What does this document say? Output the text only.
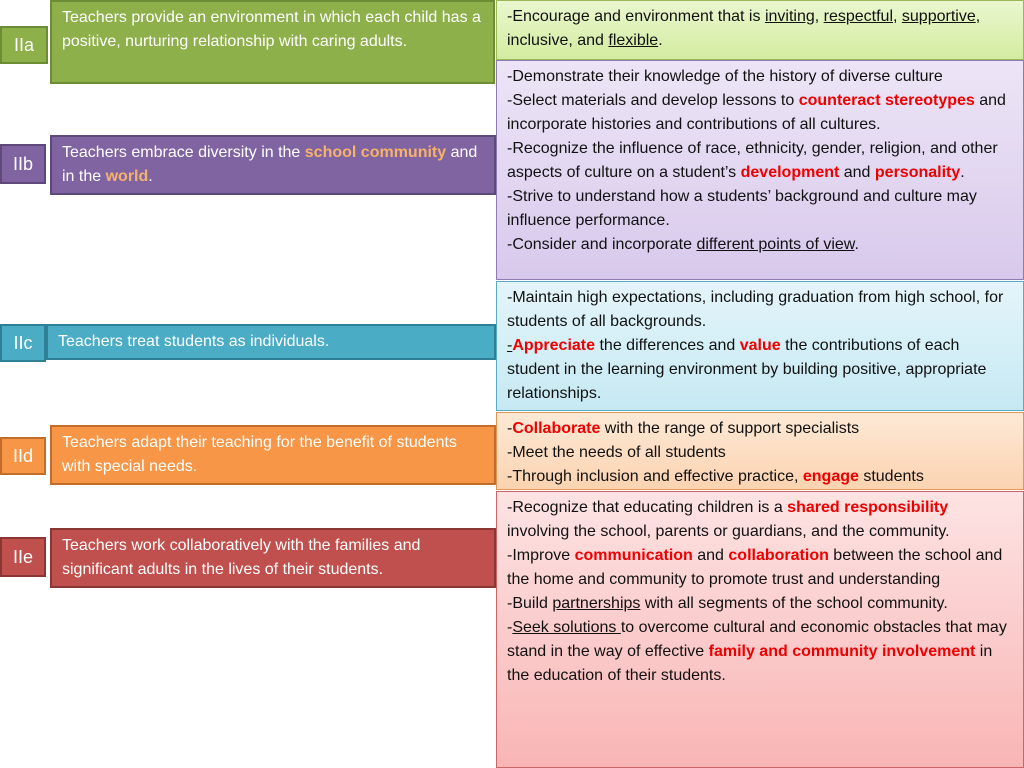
IIa
Teachers provide an environment in which each child has a positive, nurturing relationship with caring adults.

-Encourage and environment that is inviting, respectful, supportive, inclusive, and flexible.

IIb
Teachers embrace diversity in the school community and in the world.

-Demonstrate their knowledge of the history of diverse culture

-Select materials and develop lessons to counteract stereotypes and incorporate histories and contributions of all cultures.

-Recognize the influence of race, ethnicity, gender, religion, and other aspects of culture on a student’s development and personality.

-Strive to understand how a students’ background and culture may influence performance.

-Consider and incorporate different points of view.

IIc	Teachers treat students as individuals.

-Maintain high expectations, including graduation from high school, for students of all backgrounds.

-Appreciate the differences and value the contributions of each student in the learning environment by building positive, appropriate relationships.

IId
Teachers adapt their teaching for the benefit of students with special needs.

-Collaborate with the range of support specialists

-Meet the needs of all students

-Through inclusion and effective practice, engage students

IIe
Teachers work collaboratively with the families and significant adults in the lives of their students.

-Recognize that educating children is a shared responsibility involving the school, parents or guardians, and the community.

-Improve communication and collaboration between the school and the home and community to promote trust and understanding

-Build partnerships with all segments of the school community.

-Seek solutions to overcome cultural and economic obstacles that may stand in the way of effective family and community involvement in the education of their students.
